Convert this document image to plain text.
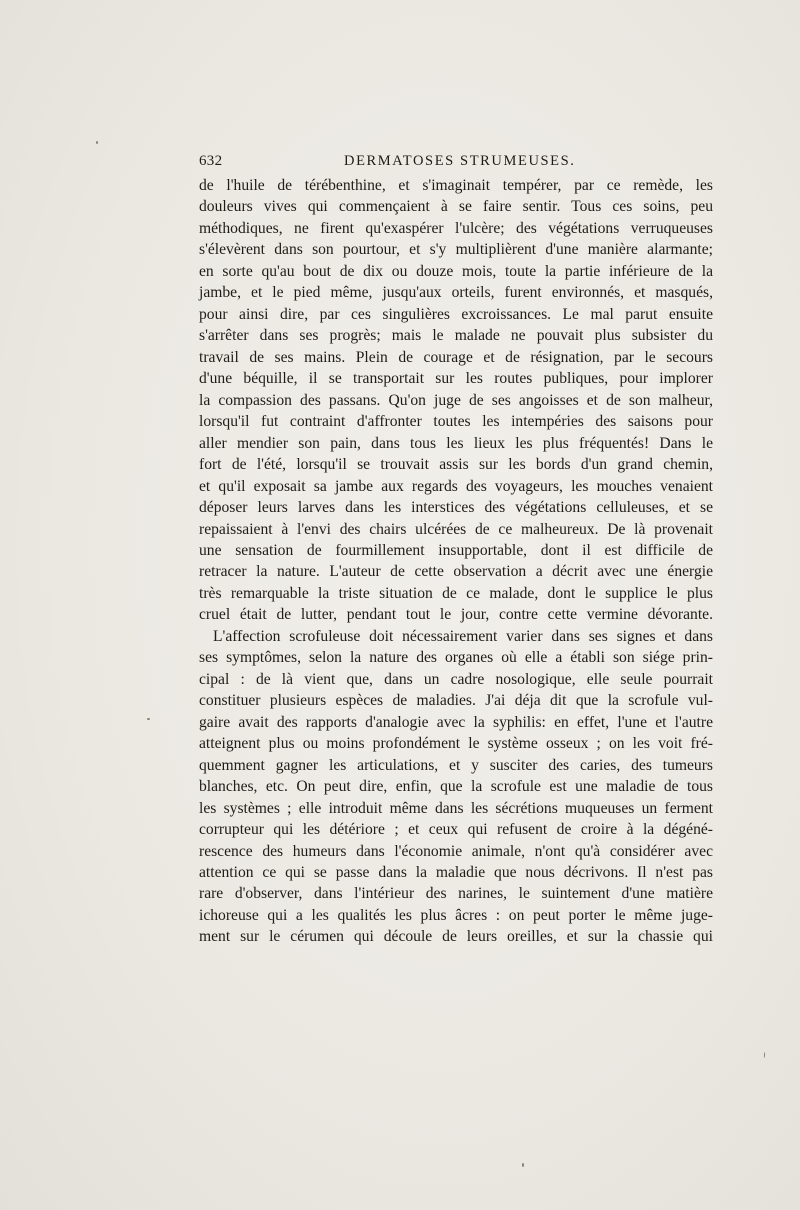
632	DERMATOSES STRUMEUSES.
de l'huile de térébenthine, et s'imaginait tempérer, par ce remède, les
douleurs vives qui commençaient à se faire sentir. Tous ces soins, peu
méthodiques, ne firent qu'exaspérer l'ulcère; des végétations verruqueuses
s'élevèrent dans son pourtour, et s'y multiplièrent d'une manière alarmante;
en sorte qu'au bout de dix ou douze mois, toute la partie inférieure de la
jambe, et le pied même, jusqu'aux orteils, furent environnés, et masqués,
pour ainsi dire, par ces singulières excroissances. Le mal parut ensuite
s'arrêter dans ses progrès; mais le malade ne pouvait plus subsister du
travail de ses mains. Plein de courage et de résignation, par le secours
d'une béquille, il se transportait sur les routes publiques, pour implorer
la compassion des passans. Qu'on juge de ses angoisses et de son malheur,
lorsqu'il fut contraint d'affronter toutes les intempéries des saisons pour
aller mendier son pain, dans tous les lieux les plus fréquentés! Dans le
fort de l'été, lorsqu'il se trouvait assis sur les bords d'un grand chemin,
et qu'il exposait sa jambe aux regards des voyageurs, les mouches venaient
déposer leurs larves dans les interstices des végétations celluleuses, et se
repaissaient à l'envi des chairs ulcérées de ce malheureux. De là provenait
une sensation de fourmillement insupportable, dont il est difficile de
retracer la nature. L'auteur de cette observation a décrit avec une énergie
très remarquable la triste situation de ce malade, dont le supplice le plus
cruel était de lutter, pendant tout le jour, contre cette vermine dévorante.
L'affection scrofuleuse doit nécessairement varier dans ses signes et dans
ses symptômes, selon la nature des organes où elle a établi son siége prin-
cipal : de là vient que, dans un cadre nosologique, elle seule pourrait
constituer plusieurs espèces de maladies. J'ai déja dit que la scrofule vul-
gaire avait des rapports d'analogie avec la syphilis: en effet, l'une et l'autre
atteignent plus ou moins profondément le système osseux ; on les voit fré-
quemment gagner les articulations, et y susciter des caries, des tumeurs
blanches, etc. On peut dire, enfin, que la scrofule est une maladie de tous
les systèmes ; elle introduit même dans les sécrétions muqueuses un ferment
corrupteur qui les détériore ; et ceux qui refusent de croire à la dégéné-
rescence des humeurs dans l'économie animale, n'ont qu'à considérer avec
attention ce qui se passe dans la maladie que nous décrivons. Il n'est pas
rare d'observer, dans l'intérieur des narines, le suintement d'une matière
ichoreuse qui a les qualités les plus âcres : on peut porter le même juge-
ment sur le cérumen qui découle de leurs oreilles, et sur la chassie qui
